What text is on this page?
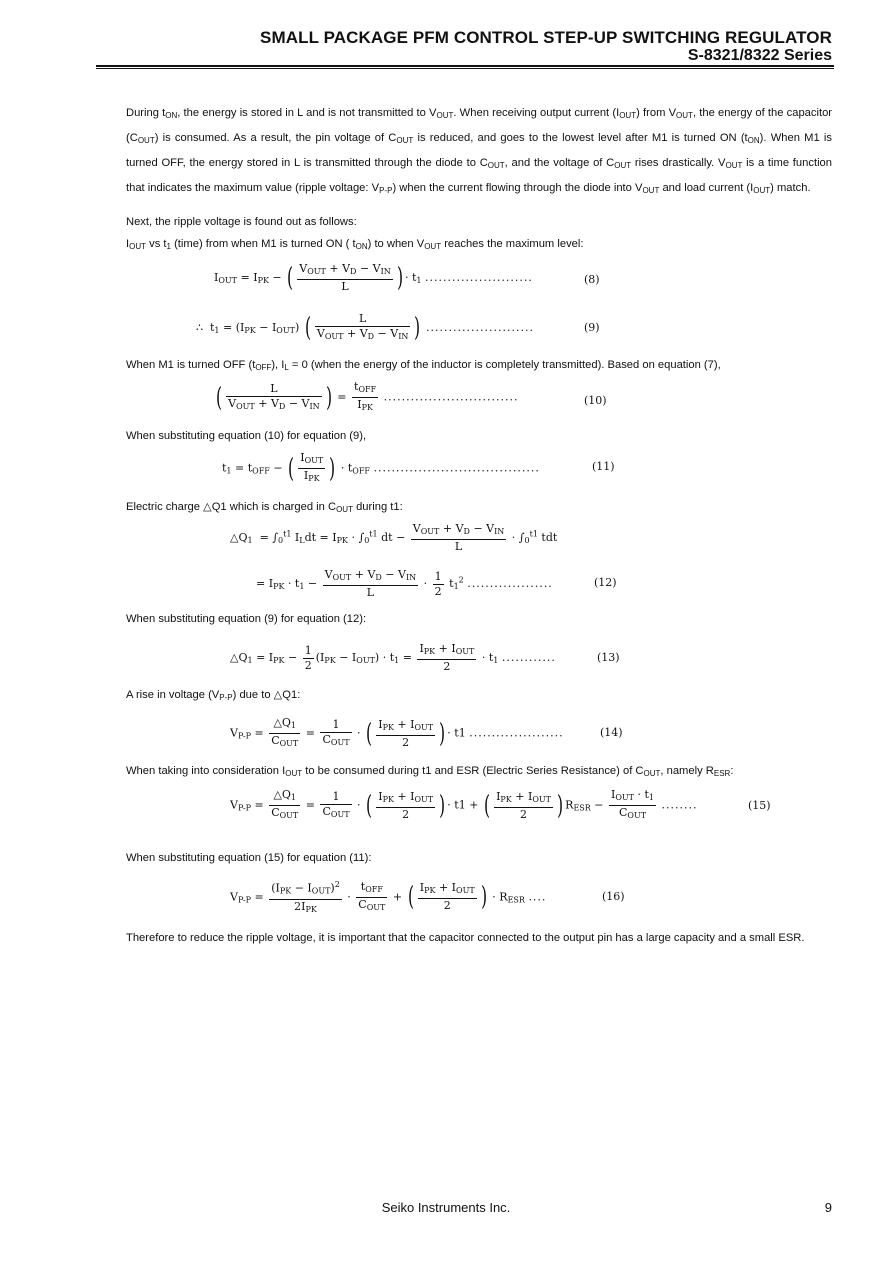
SMALL PACKAGE PFM CONTROL STEP-UP SWITCHING REGULATOR
S-8321/8322 Series
During $t_{ON}$, the energy is stored in L and is not transmitted to $V_{OUT}$. When receiving output current $(I_{OUT})$ from $V_{OUT}$, the energy of the capacitor $(C_{OUT})$ is consumed. As a result, the pin voltage of $C_{OUT}$ is reduced, and goes to the lowest level after M1 is turned ON $(t_{ON})$. When M1 is turned OFF, the energy stored in L is transmitted through the diode to $C_{OUT}$, and the voltage of $C_{OUT}$ rises drastically. $V_{OUT}$ is a time function that indicates the maximum value (ripple voltage: $V_{P-P}$) when the current flowing through the diode into $V_{OUT}$ and load current $(I_{OUT})$ match.
Next, the ripple voltage is found out as follows:
$I_{OUT}$ vs $t_1$ (time) from when M1 is turned ON ( $t_{ON}$) to when $V_{OUT}$ reaches the maximum level:
$I_{OUT} = I_{PK}$ − ( $\frac{V_{OUT} + V_D - V_{IN}}{L}$ ) · $t_1$ ........................	(8)
∴  $t_1 = (I_{PK} - I_{OUT})$ ( $\frac{L}{V_{OUT} + V_D - V_{IN}}$ ) ........................	(9)
When M1 is turned OFF $(t_{OFF})$, $I_L = 0$ (when the energy of the inductor is completely transmitted). Based on equation (7),
( $\frac{L}{V_{OUT} + V_D - V_{IN}}$ ) = $\frac{t_{OFF}}{I_{PK}}$ ..............................	(10)
When substituting equation (10) for equation (9),
$t_1 = t_{OFF}$ − ( $\frac{I_{OUT}}{I_{PK}}$ ) · $t_{OFF}$ .....................................	(11)
Electric charge △Q1 which is charged in $C_{OUT}$ during t1:
$\triangle Q_1 = \int_0^{t1}$ $I_Ldt = I_{PK} \cdot \int_0^{t1}$ dt − $\frac{V_{OUT} + V_D - V_{IN}}{L} \cdot \int_0^{t1}$ tdt
= $I_{PK} \cdot t_1 - \frac{V_{OUT} + V_D - V_{IN}}{L} \cdot \frac{1}{2} t_1^2$ ...................	(12)
When substituting equation (9) for equation (12):
$\triangle Q_1 = I_{PK} - \frac{1}{2} (I_{PK} - I_{OUT}) \cdot t_1 = \frac{I_{PK} + I_{OUT}}{2} \cdot t_1$ ............	(13)
A rise in voltage $(V_{P-P})$ due to △Q1:
$V_{P-P} = \frac{\triangle Q_1}{C_{OUT}} = \frac{1}{C_{OUT}}$ · ( $\frac{I_{PK} + I_{OUT}}{2}$ ) · t1 .....................	(14)
When taking into consideration $I_{OUT}$ to be consumed during t1 and ESR (Electric Series Resistance) of $C_{OUT}$, namely $R_{ESR}$:
$V_{P-P} = \frac{\triangle Q_1}{C_{OUT}} = \frac{1}{C_{OUT}}$ · ( $\frac{I_{PK} + I_{OUT}}{2}$ ) · t1 + ( $\frac{I_{PK} + I_{OUT}}{2}$ ) $R_{ESR} - \frac{I_{OUT} \cdot t_1}{C_{OUT}}$ ........	(15)
When substituting equation (15) for equation (11):
$V_{P-P} = \frac{(I_{PK} - I_{OUT})^2}{2I_{PK}} \cdot \frac{t_{OFF}}{C_{OUT}}$ + ( $\frac{I_{PK} + I_{OUT}}{2}$ ) · $R_{ESR}$ ....	(16)
Therefore to reduce the ripple voltage, it is important that the capacitor connected to the output pin has a large capacity and a small ESR.
Seiko Instruments Inc.	9
